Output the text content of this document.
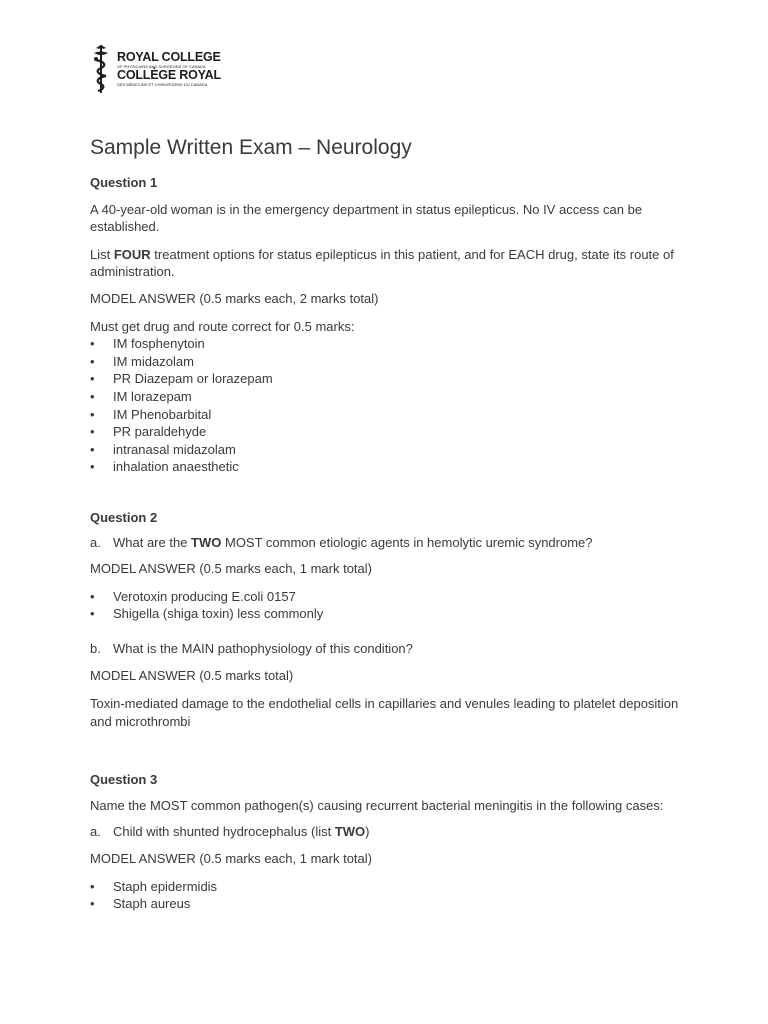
ROYAL COLLEGE
OF PHYSICIANS AND SURGEONS OF CANADA
COLLÈGE ROYAL
DES MÉDECINS ET CHIRURGIENS DU CANADA
Sample Written Exam – Neurology

Question 1

A 40-year-old woman is in the emergency department in status epilepticus. No IV access can be established.

List FOUR treatment options for status epilepticus in this patient, and for EACH drug, state its route of administration.

MODEL ANSWER (0.5 marks each, 2 marks total)

Must get drug and route correct for 0.5 marks:

• IM fosphenytoin
• IM midazolam
• PR Diazepam or lorazepam
• IM lorazepam
• IM Phenobarbital
• PR paraldehyde
• intranasal midazolam
• inhalation anaesthetic

Question 2

a. What are the TWO MOST common etiologic agents in hemolytic uremic syndrome?

MODEL ANSWER (0.5 marks each, 1 mark total)

• Verotoxin producing E.coli 0157
• Shigella (shiga toxin) less commonly

b. What is the MAIN pathophysiology of this condition?

MODEL ANSWER (0.5 marks total)

Toxin-mediated damage to the endothelial cells in capillaries and venules leading to platelet deposition and microthrombi

Question 3

Name the MOST common pathogen(s) causing recurrent bacterial meningitis in the following cases:

a. Child with shunted hydrocephalus (list TWO)

MODEL ANSWER (0.5 marks each, 1 mark total)

• Staph epidermidis
• Staph aureus
